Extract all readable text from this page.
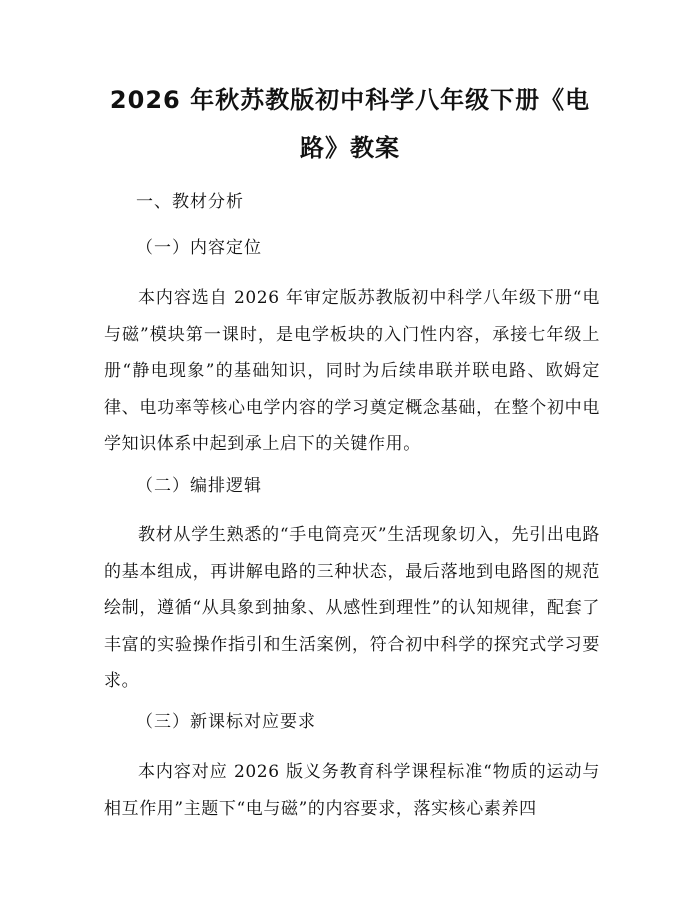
2026 年秋苏教版初中科学八年级下册《电
路》教案

一、教材分析

（一）内容定位

本内容选自 2026 年审定版苏教版初中科学八年级下册“电与磁”模块第一课时，是电学板块的入门性内容，承接七年级上册“静电现象”的基础知识，同时为后续串联并联电路、欧姆定律、电功率等核心电学内容的学习奠定概念基础，在整个初中电学知识体系中起到承上启下的关键作用。

（二）编排逻辑

教材从学生熟悉的“手电筒亮灭”生活现象切入，先引出电路的基本组成，再讲解电路的三种状态，最后落地到电路图的规范绘制，遵循“从具象到抽象、从感性到理性”的认知规律，配套了丰富的实验操作指引和生活案例，符合初中科学的探究式学习要求。

（三）新课标对应要求

本内容对应 2026 版义务教育科学课程标准“物质的运动与相互作用”主题下“电与磁”的内容要求，落实核心素养四
